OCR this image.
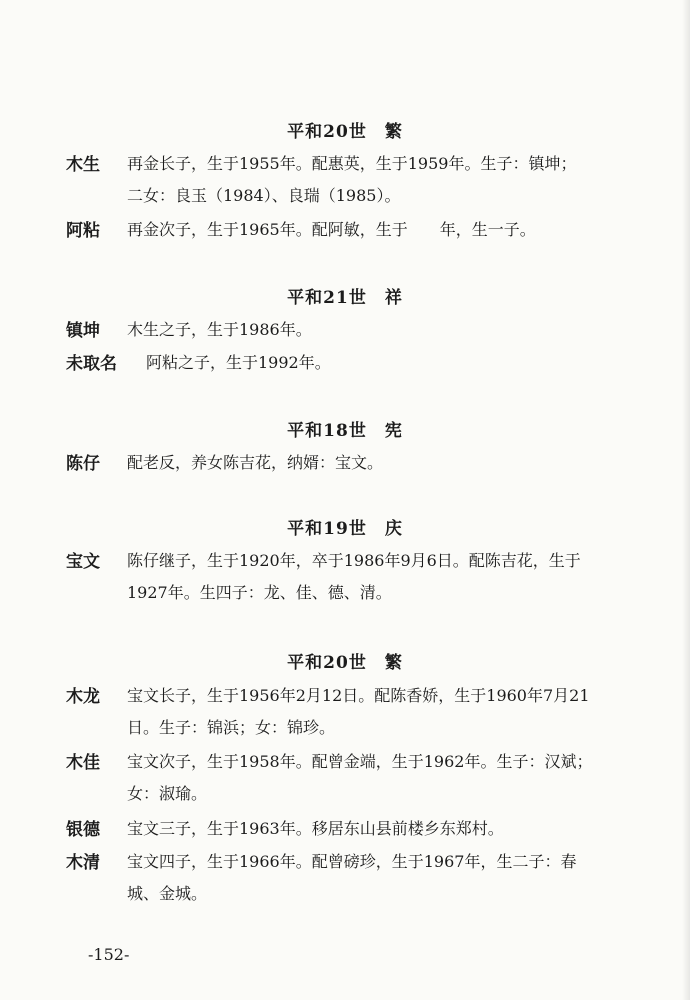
平和20世　繁
木生 再金长子，生于1955年。配惠英，生于1959年。生子：镇坤；
二女：良玉（1984）、良瑞（1985）。
阿粘 再金次子，生于1965年。配阿敏，生于　　年，生一子。
平和21世　祥
镇坤 木生之子，生于1986年。
未取名 阿粘之子，生于1992年。
平和18世　宪
陈仔 配老反，养女陈吉花，纳婿：宝文。
平和19世　庆
宝文 陈仔继子，生于1920年，卒于1986年9月6日。配陈吉花，生于
1927年。生四子：龙、佳、德、清。
平和20世　繁
木龙 宝文长子，生于1956年2月12日。配陈香娇，生于1960年7月21
日。生子：锦浜；女：锦珍。
木佳 宝文次子，生于1958年。配曾金端，生于1962年。生子：汉斌；
女：淑瑜。
银德 宝文三子，生于1963年。移居东山县前楼乡东郑村。
木清 宝文四子，生于1966年。配曾磅珍，生于1967年，生二子：春
城、金城。
-152-
